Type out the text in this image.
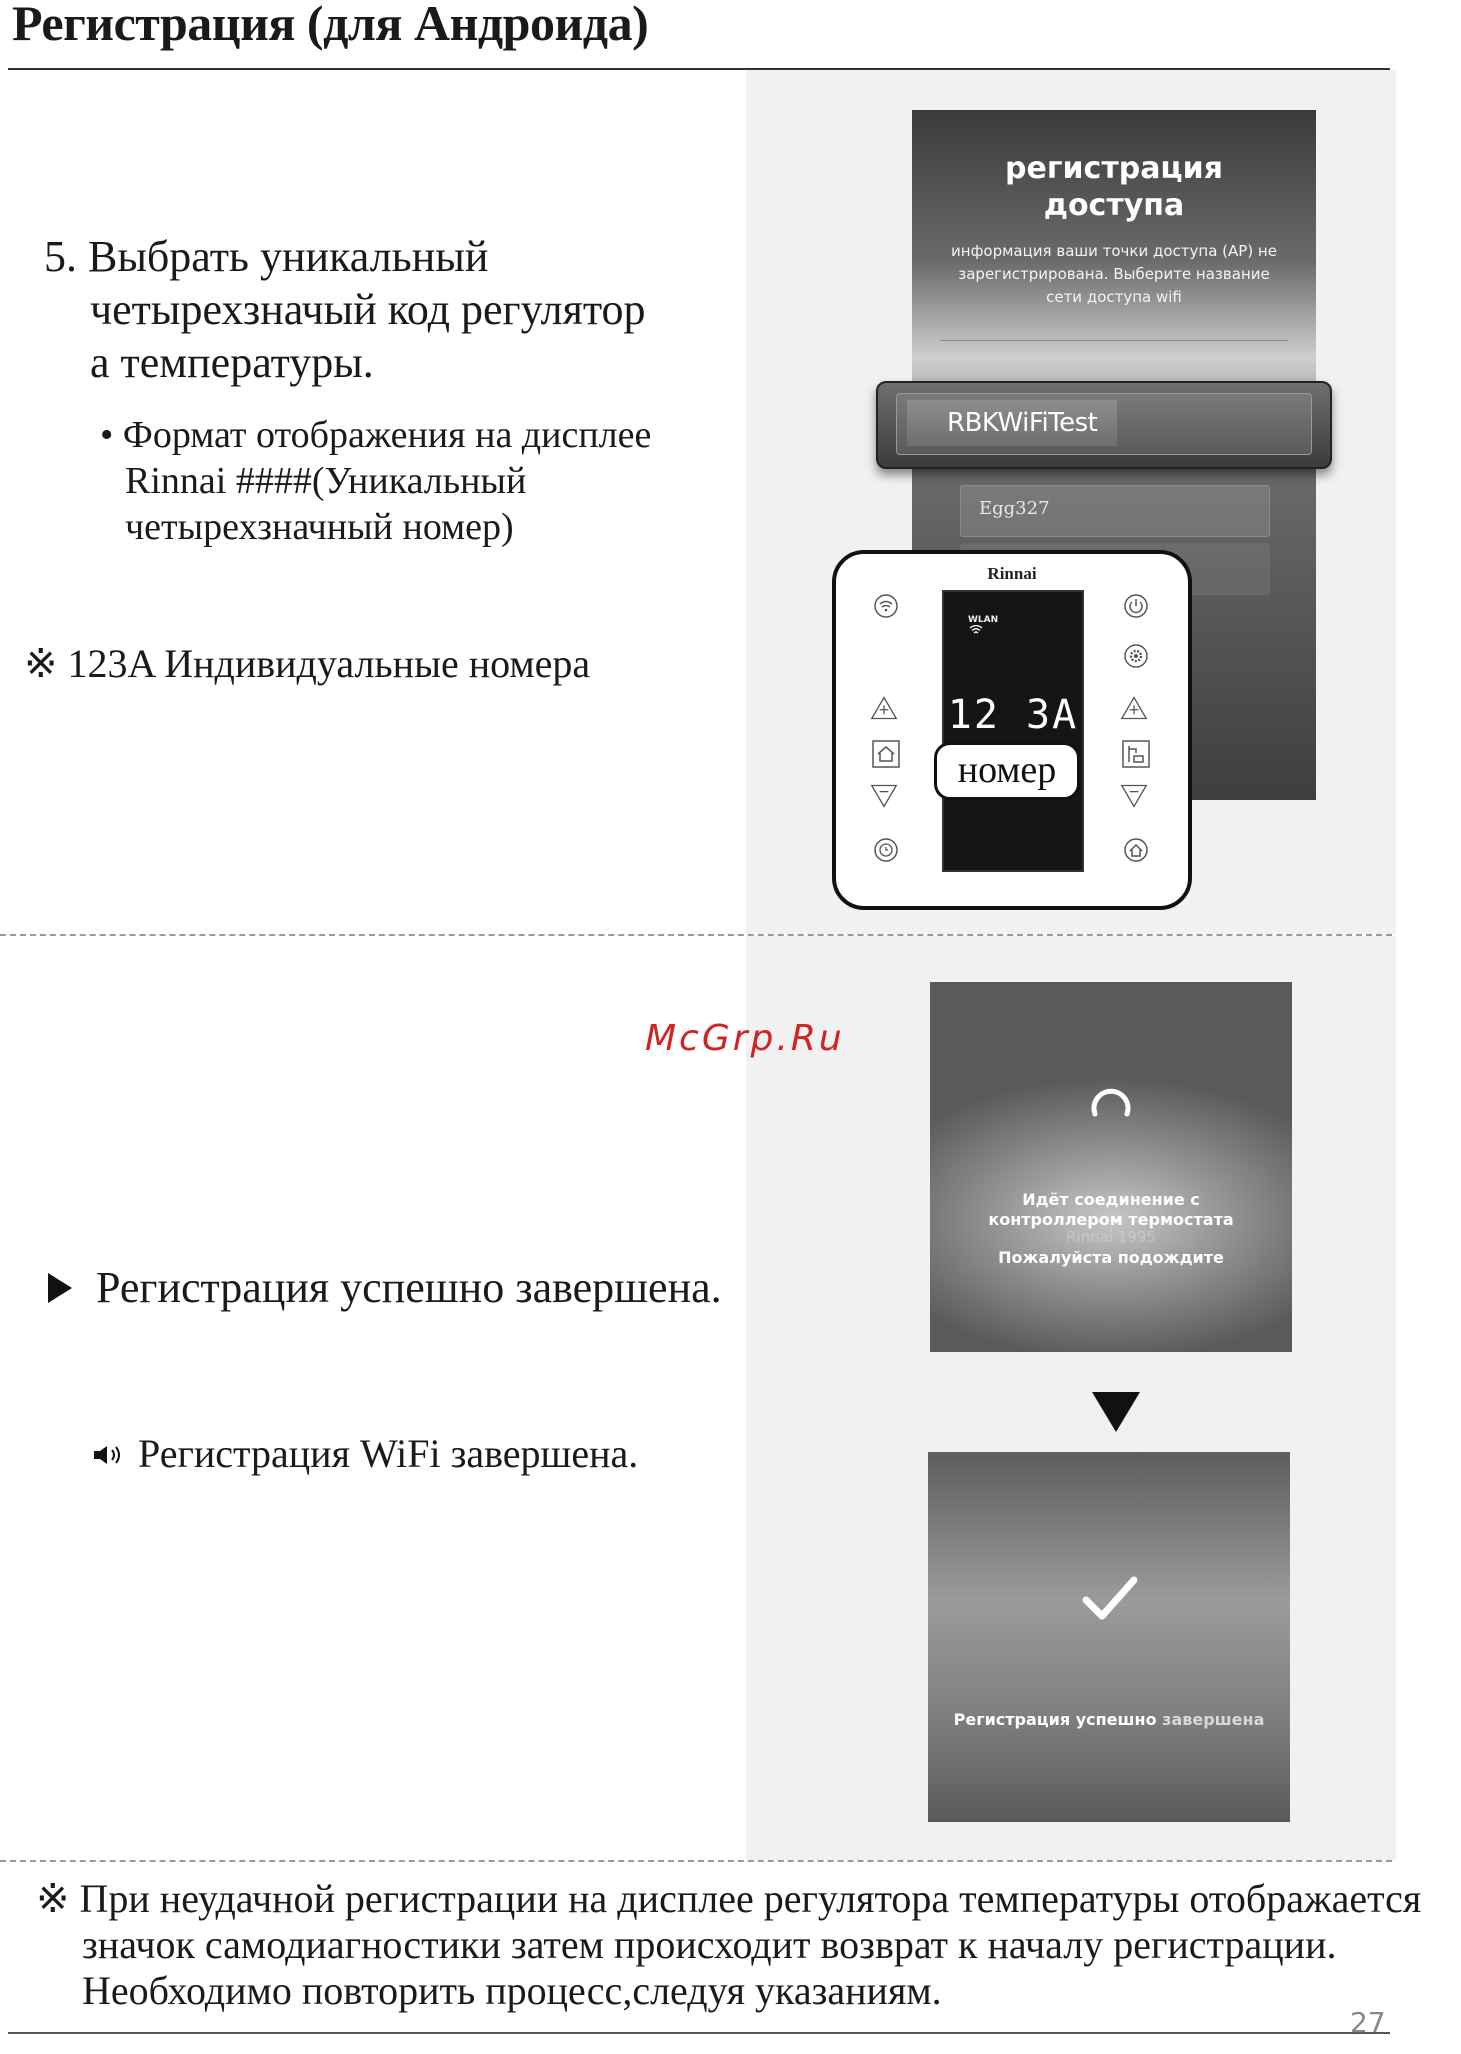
Регистрация (для Андроида)
5. Выбрать уникальный
четырехзначый код регулятор
а температуры.
• Формат отображения на дисплее
Rinnai ####(Уникальный
четырехзначный номер)
※ 123A Индивидуальные номера
регистрация
доступа
информация ваши точки доступа (AP) не зарегистрирована. Выберите название сети доступа wifi
Egg327
RBKWiFiTest
Rinnai
WLAN
12 3A
номер
McGrp.Ru
Регистрация успешно завершена.
Регистрация WiFi завершена.
Идёт соединение с
контроллером термостата
Rinnai 1995
Пожалуйста подождите
Регистрация успешно завершена
※ При неудачной регистрации на дисплее регулятора температуры отображается
значок самодиагностики затем происходит возврат к началу регистрации.
Необходимо повторить процесс,следуя указаниям.
27
